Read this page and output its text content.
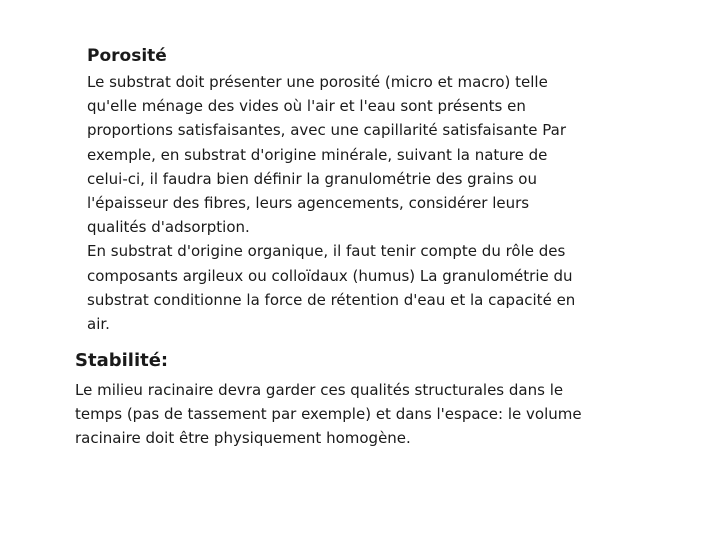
Porosité

Le substrat doit présenter une porosité (micro et macro) telle
qu'elle ménage des vides où l'air et l'eau sont présents en
proportions satisfaisantes, avec une capillarité satisfaisante Par
exemple, en substrat d'origine minérale, suivant la nature de
celui-ci, il faudra bien définir la granulométrie des grains ou
l'épaisseur des fibres, leurs agencements, considérer leurs
qualités d'adsorption.

En substrat d'origine organique, il faut tenir compte du rôle des
composants argileux ou colloïdaux (humus) La granulométrie du
substrat conditionne la force de rétention d'eau et la capacité en
air.

Stabilité:

Le milieu racinaire devra garder ces qualités structurales dans le
temps (pas de tassement par exemple) et dans l'espace: le volume
racinaire doit être physiquement homogène.
